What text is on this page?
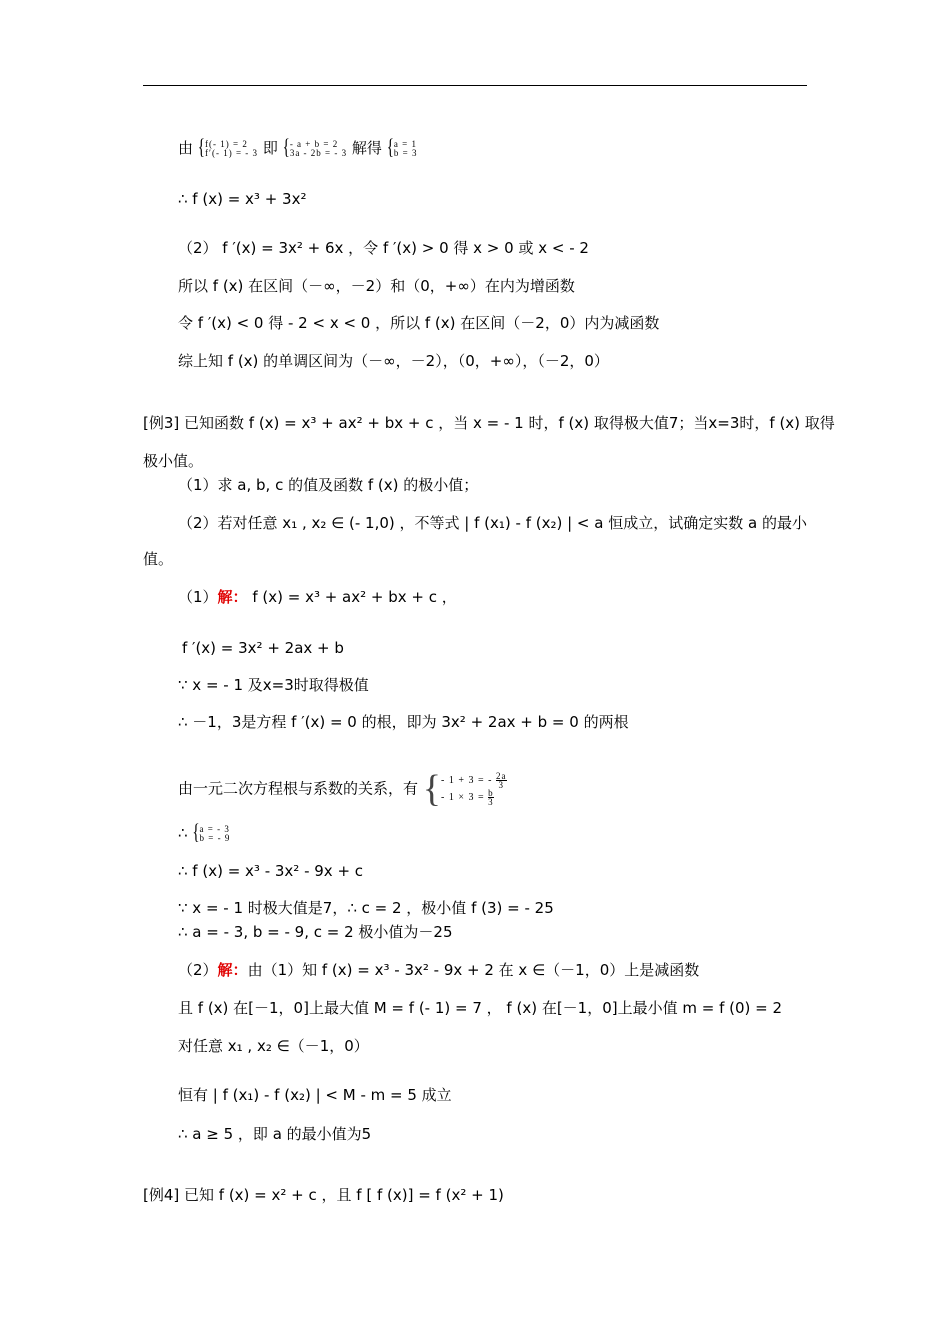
由 { f(- 1) = 2
f′(- 1) = - 3 即 { - a + b = 2
3a - 2b = - 3 解得 { a = 1
b = 3
∴ f (x) = x³ + 3x²
（2） f ′(x) = 3x² + 6x ，令 f ′(x) > 0 得 x > 0 或 x < - 2
所以 f (x) 在区间（－∞，－2）和（0，+∞）在内为增函数
令 f ′(x) < 0 得 - 2 < x < 0 ，所以 f (x) 在区间（－2，0）内为减函数
综上知 f (x) 的单调区间为（－∞，－2），（0，+∞），（－2，0）
[例3] 已知函数 f (x) = x³ + ax² + bx + c ，当 x = - 1 时，f (x) 取得极大值7；当x=3时，f (x) 取得
极小值。
（1）求 a, b, c 的值及函数 f (x) 的极小值；
（2）若对任意 x₁ , x₂ ∈ (- 1,0) ，不等式 | f (x₁) - f (x₂) | < a 恒成立，试确定实数 a 的最小
值。
（1）解： f (x) = x³ + ax² + bx + c ，
f ′(x) = 3x² + 2ax + b
∵ x = - 1 及x=3时取得极值
∴ －1，3是方程 f ′(x) = 0 的根，即为 3x² + 2ax + b = 0 的两根
由一元二次方程根与系数的关系，有 { - 1 + 3 = - $\frac{2a}{3}$
- $1 \times 3 = \frac{b}{3}$
∴ { a = - 3
b = - 9
∴ f (x) = x³ - 3x² - 9x + c
∵ x = - 1 时极大值是7，∴ c = 2 ，极小值 f (3) = - 25
∴ a = - 3, b = - 9, c = 2 极小值为－25
（2）解：由（1）知 f (x) = x³ - 3x² - 9x + 2 在 x ∈（－1，0）上是减函数
且 f (x) 在[－1，0]上最大值 M = f (- 1) = 7 ， f (x) 在[－1，0]上最小值 m = f (0) = 2
对任意 x₁ , x₂ ∈（－1，0）
恒有 | f (x₁) - f (x₂) | < M - m = 5 成立
∴ a ≥ 5 ，即 a 的最小值为5
[例4] 已知 f (x) = x² + c ，且 f [ f (x)] = f (x² + 1)
